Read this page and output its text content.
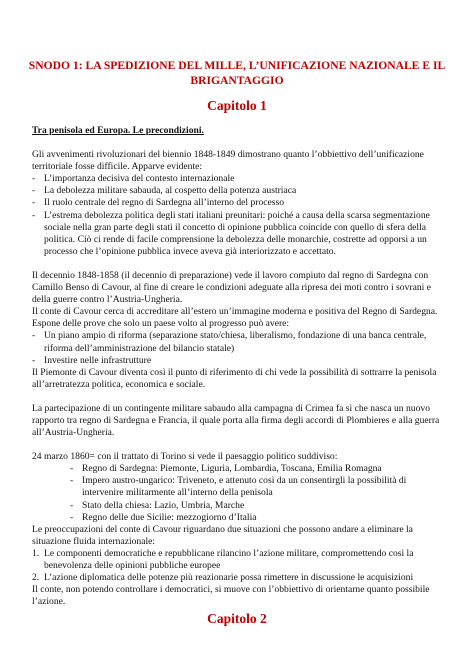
SNODO 1: LA SPEDIZIONE DEL MILLE, L’UNIFICAZIONE NAZIONALE E IL BRIGANTAGGIO
Capitolo 1

Tra penisola ed Europa. Le precondizioni.

Gli avvenimenti rivoluzionari del biennio 1848-1849 dimostrano quanto l’obbiettivo dell’unificazione territoriale fosse difficile. Apparve evidente:

- L’importanza decisiva del contesto internazionale
- La debolezza militare sabauda, al cospetto della potenza austriaca
- Il ruolo centrale del regno di Sardegna all’interno del processo
- L’estrema debolezza politica degli stati italiani preunitari: poiché a causa della scarsa segmentazione sociale nella gran parte degli stati il concetto di opinione pubblica coincide con quello di sfera della politica. Ciò ci rende di facile comprensione la debolezza delle monarchie, costrette ad opporsi a un processo che l’opinione pubblica invece aveva già interiorizzato e accettato.

Il decennio 1848-1858 (il decennio di preparazione) vede il lavoro compiuto dal regno di Sardegna con Camillo Benso di Cavour, al fine di creare le condizioni adeguate alla ripresa dei moti contro i sovrani e della guerre contro l’Austria-Ungheria.

Il conte di Cavour cerca di accreditare all’estero un’immagine moderna e positiva del Regno di Sardegna. Espone delle prove che solo un paese volto al progresso può avere:

- Un piano ampio di riforma (separazione stato/chiesa, liberalismo, fondazione di una banca centrale, riforma dell’amministrazione del bilancio statale)
- Investire nelle infrastrutture

Il Piemonte di Cavour diventa così il punto di riferimento di chi vede la possibilità di sottrarre la penisola all’arretratezza politica, economica e sociale.

La partecipazione di un contingente militare sabaudo alla campagna di Crimea fa sì che nasca un nuovo rapporto tra regno di Sardegna e Francia, il quale porta alla firma degli accordi di Plombieres e alla guerra all’Austria-Ungheria.

24 marzo 1860= con il trattato di Torino si vede il paesaggio politico suddiviso:

- Regno di Sardegna: Piemonte, Liguria, Lombardia, Toscana, Emilia Romagna
- Impero austro-ungarico: Triveneto, e attenuto così da un consentirgli la possibilità di intervenire militarmente all’interno della penisola
- Stato della chiesa: Lazio, Umbria, Marche
- Regno delle due Sicilie: mezzogiorno d’Italia

Le preoccupazioni del conte di Cavour riguardano due situazioni che possono andare a eliminare la situazione fluida internazionale:

1. Le componenti democratiche e repubblicane rilancino l’azione militare, compromettendo così la benevolenza delle opinioni pubbliche europee
2. L’azione diplomatica delle potenze più reazionarie possa rimettere in discussione le acquisizioni

Il conte, non potendo controllare i democratici, si muove con l’obbiettivo di orientarne quanto possibile l’azione.

Capitolo 2
